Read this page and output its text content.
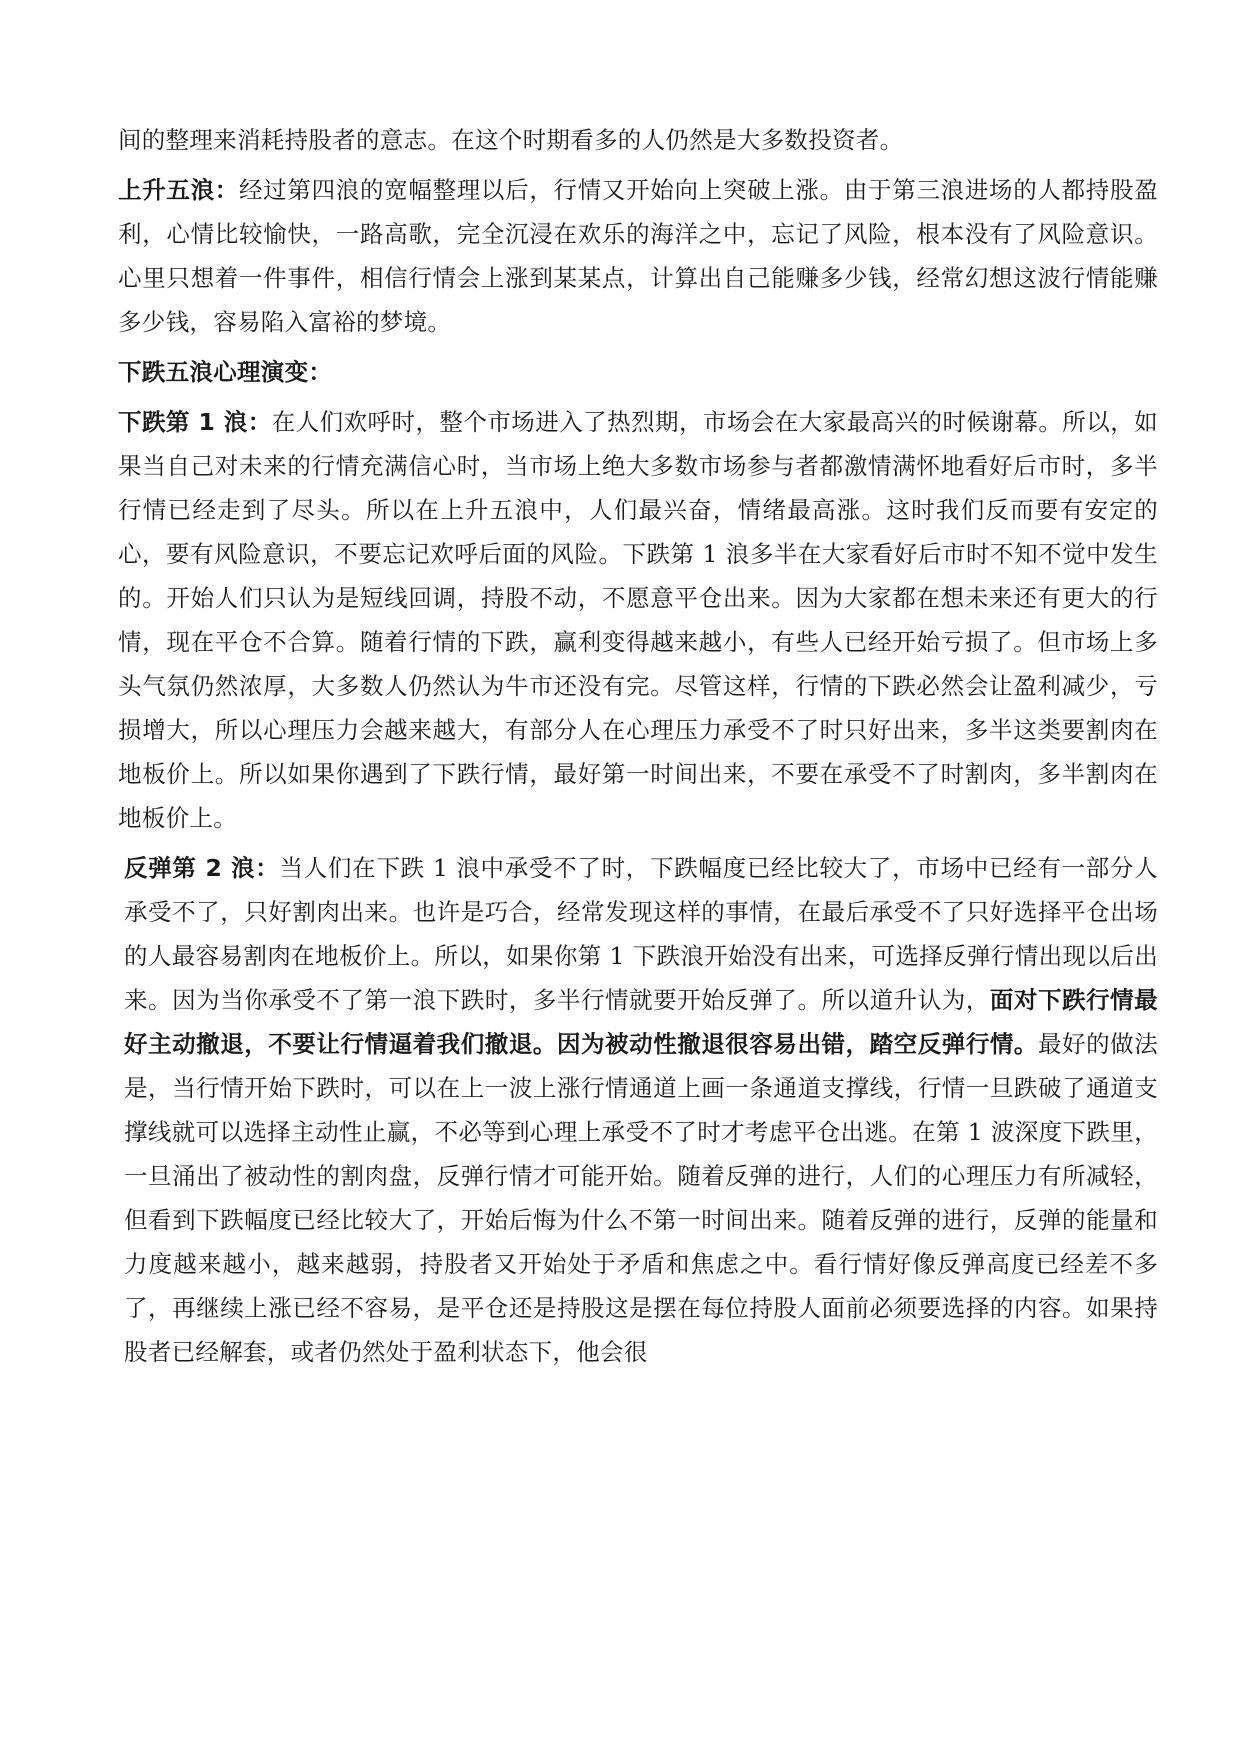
间的整理来消耗持股者的意志。在这个时期看多的人仍然是大多数投资者。

上升五浪：经过第四浪的宽幅整理以后，行情又开始向上突破上涨。由于第三浪进场的人都持股盈利，心情比较愉快，一路高歌，完全沉浸在欢乐的海洋之中，忘记了风险，根本没有了风险意识。心里只想着一件事件，相信行情会上涨到某某点，计算出自己能赚多少钱，经常幻想这波行情能赚多少钱，容易陷入富裕的梦境。

下跌五浪心理演变：

下跌第 1 浪：在人们欢呼时，整个市场进入了热烈期，市场会在大家最高兴的时候谢幕。所以，如果当自己对未来的行情充满信心时，当市场上绝大多数市场参与者都激情满怀地看好后市时，多半行情已经走到了尽头。所以在上升五浪中，人们最兴奋，情绪最高涨。这时我们反而要有安定的心，要有风险意识，不要忘记欢呼后面的风险。下跌第 1 浪多半在大家看好后市时不知不觉中发生的。开始人们只认为是短线回调，持股不动，不愿意平仓出来。因为大家都在想未来还有更大的行情，现在平仓不合算。随着行情的下跌，赢利变得越来越小，有些人已经开始亏损了。但市场上多头气氛仍然浓厚，大多数人仍然认为牛市还没有完。尽管这样，行情的下跌必然会让盈利减少，亏损增大，所以心理压力会越来越大，有部分人在心理压力承受不了时只好出来，多半这类要割肉在地板价上。所以如果你遇到了下跌行情，最好第一时间出来，不要在承受不了时割肉，多半割肉在地板价上。

反弹第 2 浪：当人们在下跌 1 浪中承受不了时，下跌幅度已经比较大了，市场中已经有一部分人承受不了，只好割肉出来。也许是巧合，经常发现这样的事情，在最后承受不了只好选择平仓出场的人最容易割肉在地板价上。所以，如果你第 1 下跌浪开始没有出来，可选择反弹行情出现以后出来。因为当你承受不了第一浪下跌时，多半行情就要开始反弹了。所以道升认为，面对下跌行情最好主动撤退，不要让行情逼着我们撤退。因为被动性撤退很容易出错，踏空反弹行情。最好的做法是，当行情开始下跌时，可以在上一波上涨行情通道上画一条通道支撑线，行情一旦跌破了通道支撑线就可以选择主动性止赢，不必等到心理上承受不了时才考虑平仓出逃。在第 1 波深度下跌里，一旦涌出了被动性的割肉盘，反弹行情才可能开始。随着反弹的进行，人们的心理压力有所减轻，但看到下跌幅度已经比较大了，开始后悔为什么不第一时间出来。随着反弹的进行，反弹的能量和力度越来越小，越来越弱，持股者又开始处于矛盾和焦虑之中。看行情好像反弹高度已经差不多了，再继续上涨已经不容易，是平仓还是持股这是摆在每位持股人面前必须要选择的内容。如果持股者已经解套，或者仍然处于盈利状态下，他会很
